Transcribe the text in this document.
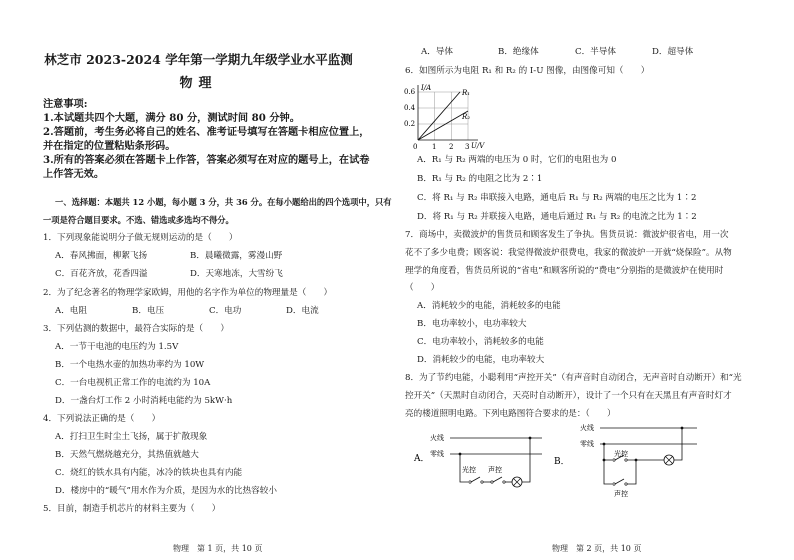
林芝市 2023-2024 学年第一学期九年级学业水平监测
物理
注意事项:
1.本试题共四个大题，满分 80 分，测试时间 80 分钟。
2.答题前，考生务必将自己的姓名、准考证号填写在答题卡相应位置上，
并在指定的位置粘贴条形码。
3.所有的答案必须在答题卡上作答，答案必须写在对应的题号上，在试卷
上作答无效。
一、选择题：本题共 12 小题，每小题 3 分，共 36 分。在每小题给出的四个选项中，只有
一项是符合题目要求。不选、错选或多选均不得分。
1．下列现象能说明分子做无规则运动的是（　　）
A．春风拂面，柳絮飞扬	B．晨曦微露，雾漫山野
C．百花齐放，花香四溢	D．天寒地冻，大雪纷飞
2．为了纪念著名的物理学家欧姆，用他的名字作为单位的物理量是（　　）
A．电阻	B．电压	C．电功	D．电流
3．下列估测的数据中，最符合实际的是（　　）
A．一节干电池的电压约为 1.5V
B．一个电热水壶的加热功率约为 10W
C．一台电视机正常工作的电流约为 10A
D．一盏台灯工作 2 小时消耗电能约为 5kW·h
4．下列说法正确的是（　　）
A．打扫卫生时尘土飞扬，属于扩散现象
B．天然气燃烧越充分，其热值就越大
C．烧红的铁水具有内能，冰冷的铁块也具有内能
D．楼房中的“暖气”用水作为介质，是因为水的比热容较小
5．目前，制造手机芯片的材料主要为（　　）
物理　第 1 页，共 10 页
A．导体	B．绝缘体	C．半导体	D．超导体
6．如图所示为电阻 R₁ 和 R₂ 的 I-U 图像，由图像可知（　　）
A．R₁ 与 R₂ 两端的电压为 0 时，它们的电阻也为 0
B．R₁ 与 R₂ 的电阻之比为 2∶1
C．将 R₁ 与 R₂ 串联接入电路，通电后 R₁ 与 R₂ 两端的电压之比为 1∶2
D．将 R₁ 与 R₂ 并联接入电路，通电后通过 R₁ 与 R₂ 的电流之比为 1∶2
7．商场中，卖微波炉的售货员和顾客发生了争执。售货员说：微波炉很省电，用一次
花不了多少电费；顾客说：我觉得微波炉很费电，我家的微波炉一开就“烧保险”。从物
理学的角度看，售货员所说的“省电”和顾客所说的“费电”分别指的是微波炉在使用时
（　　）
A．消耗较少的电能，消耗较多的电能
B．电功率较小，电功率较大
C．电功率较小，消耗较多的电能
D．消耗较少的电能，电功率较大
8．为了节约电能，小聪利用“声控开关”（有声音时自动闭合，无声音时自动断开）和“光
控开关”（天黑时自动闭合，天亮时自动断开），设计了一个只有在天黑且有声音时灯才
亮的楼道照明电路。下列电路图符合要求的是：（　　）
物理　第 2 页，共 10 页
I/A
U/V
0.6
0.4
0.2
0 1 2 3
R₁
R₂
A．
火线
零线
光控 声控
B．
火线
零线
光控
声控
